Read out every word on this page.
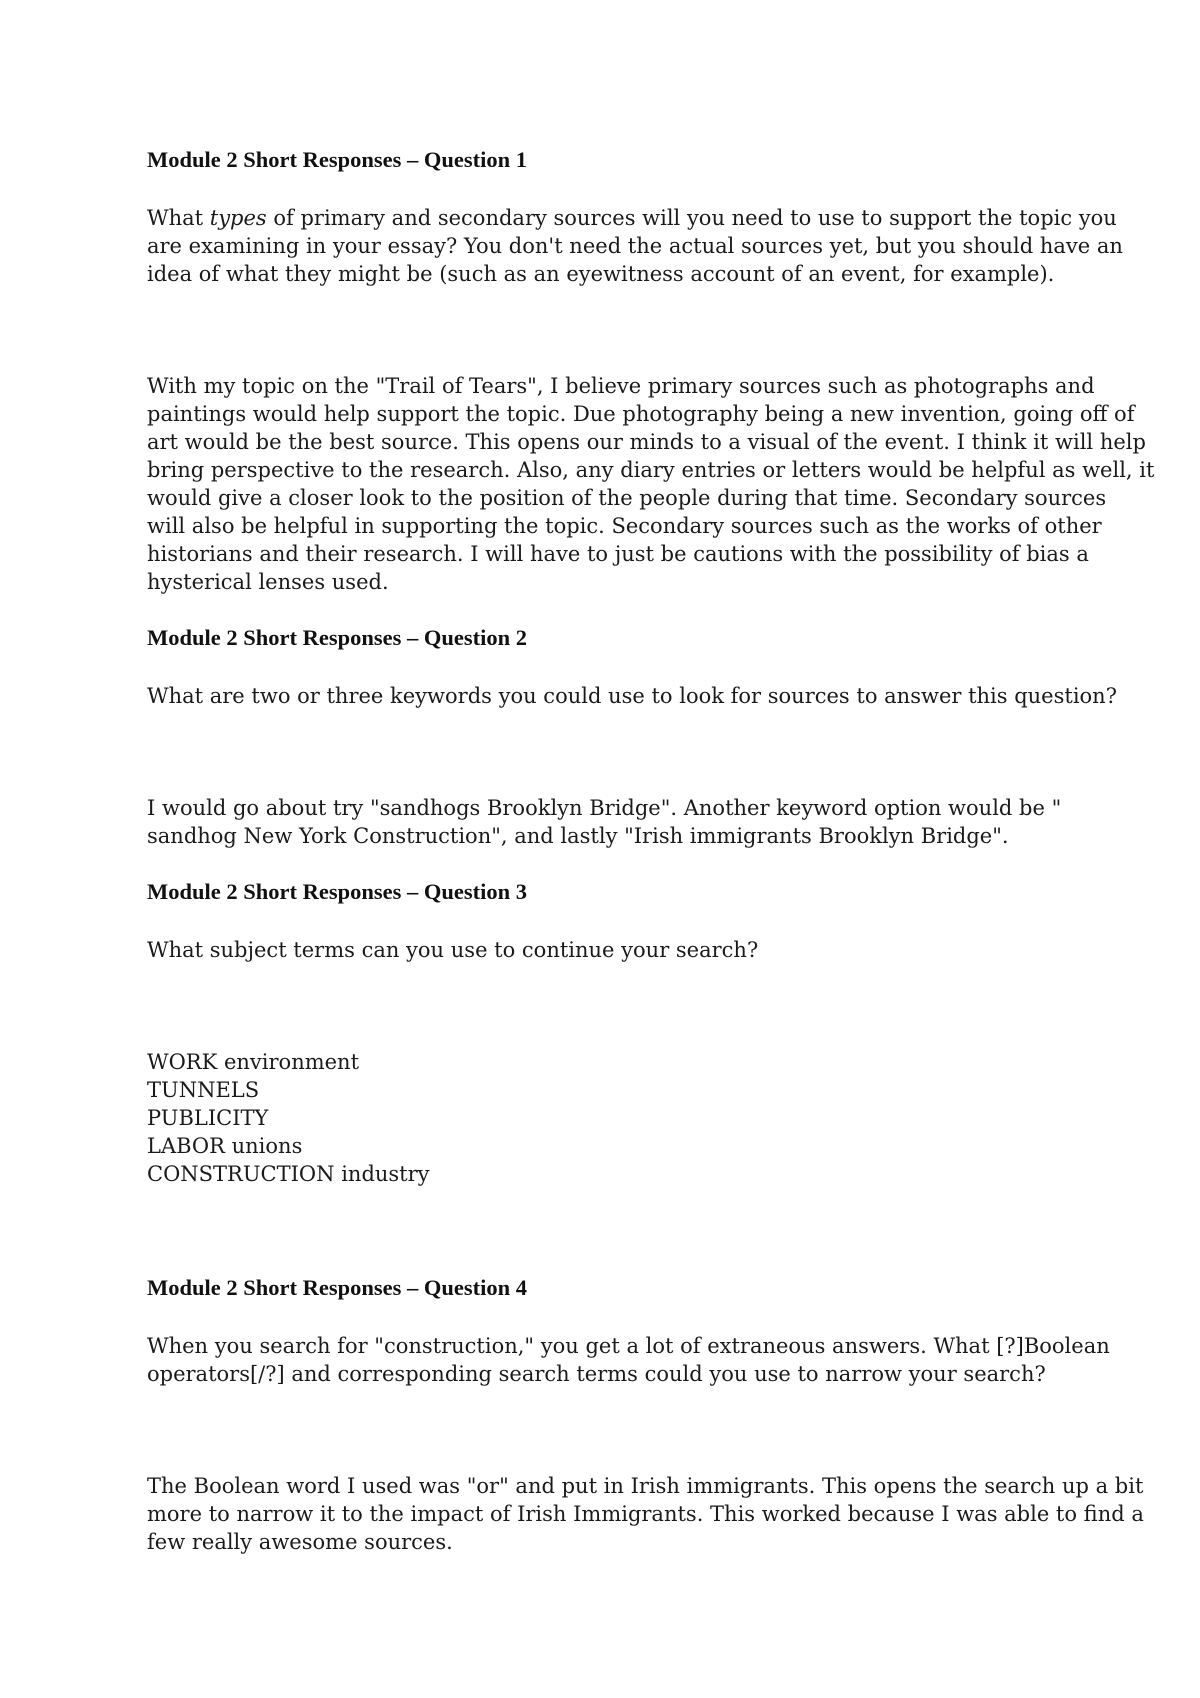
Module 2 Short Responses – Question 1

What types of primary and secondary sources will you need to use to support the topic you

are examining in your essay? You don't need the actual sources yet, but you should have an

idea of what they might be (such as an eyewitness account of an event, for example).

With my topic on the "Trail of Tears", I believe primary sources such as photographs and

paintings would help support the topic. Due photography being a new invention, going off of

art would be the best source. This opens our minds to a visual of the event. I think it will help

bring perspective to the research. Also, any diary entries or letters would be helpful as well, it

would give a closer look to the position of the people during that time. Secondary sources

will also be helpful in supporting the topic. Secondary sources such as the works of other

historians and their research. I will have to just be cautions with the possibility of bias a

hysterical lenses used.

Module 2 Short Responses – Question 2

What are two or three keywords you could use to look for sources to answer this question?

I would go about try "sandhogs Brooklyn Bridge". Another keyword option would be "

sandhog New York Construction", and lastly "Irish immigrants Brooklyn Bridge".

Module 2 Short Responses – Question 3

What subject terms can you use to continue your search?

WORK environment
TUNNELS
PUBLICITY
LABOR unions
CONSTRUCTION industry
Module 2 Short Responses – Question 4

When you search for "construction," you get a lot of extraneous answers. What [?]Boolean

operators[/?] and corresponding search terms could you use to narrow your search?

The Boolean word I used was "or" and put in Irish immigrants. This opens the search up a bit

more to narrow it to the impact of Irish Immigrants. This worked because I was able to find a

few really awesome sources.
